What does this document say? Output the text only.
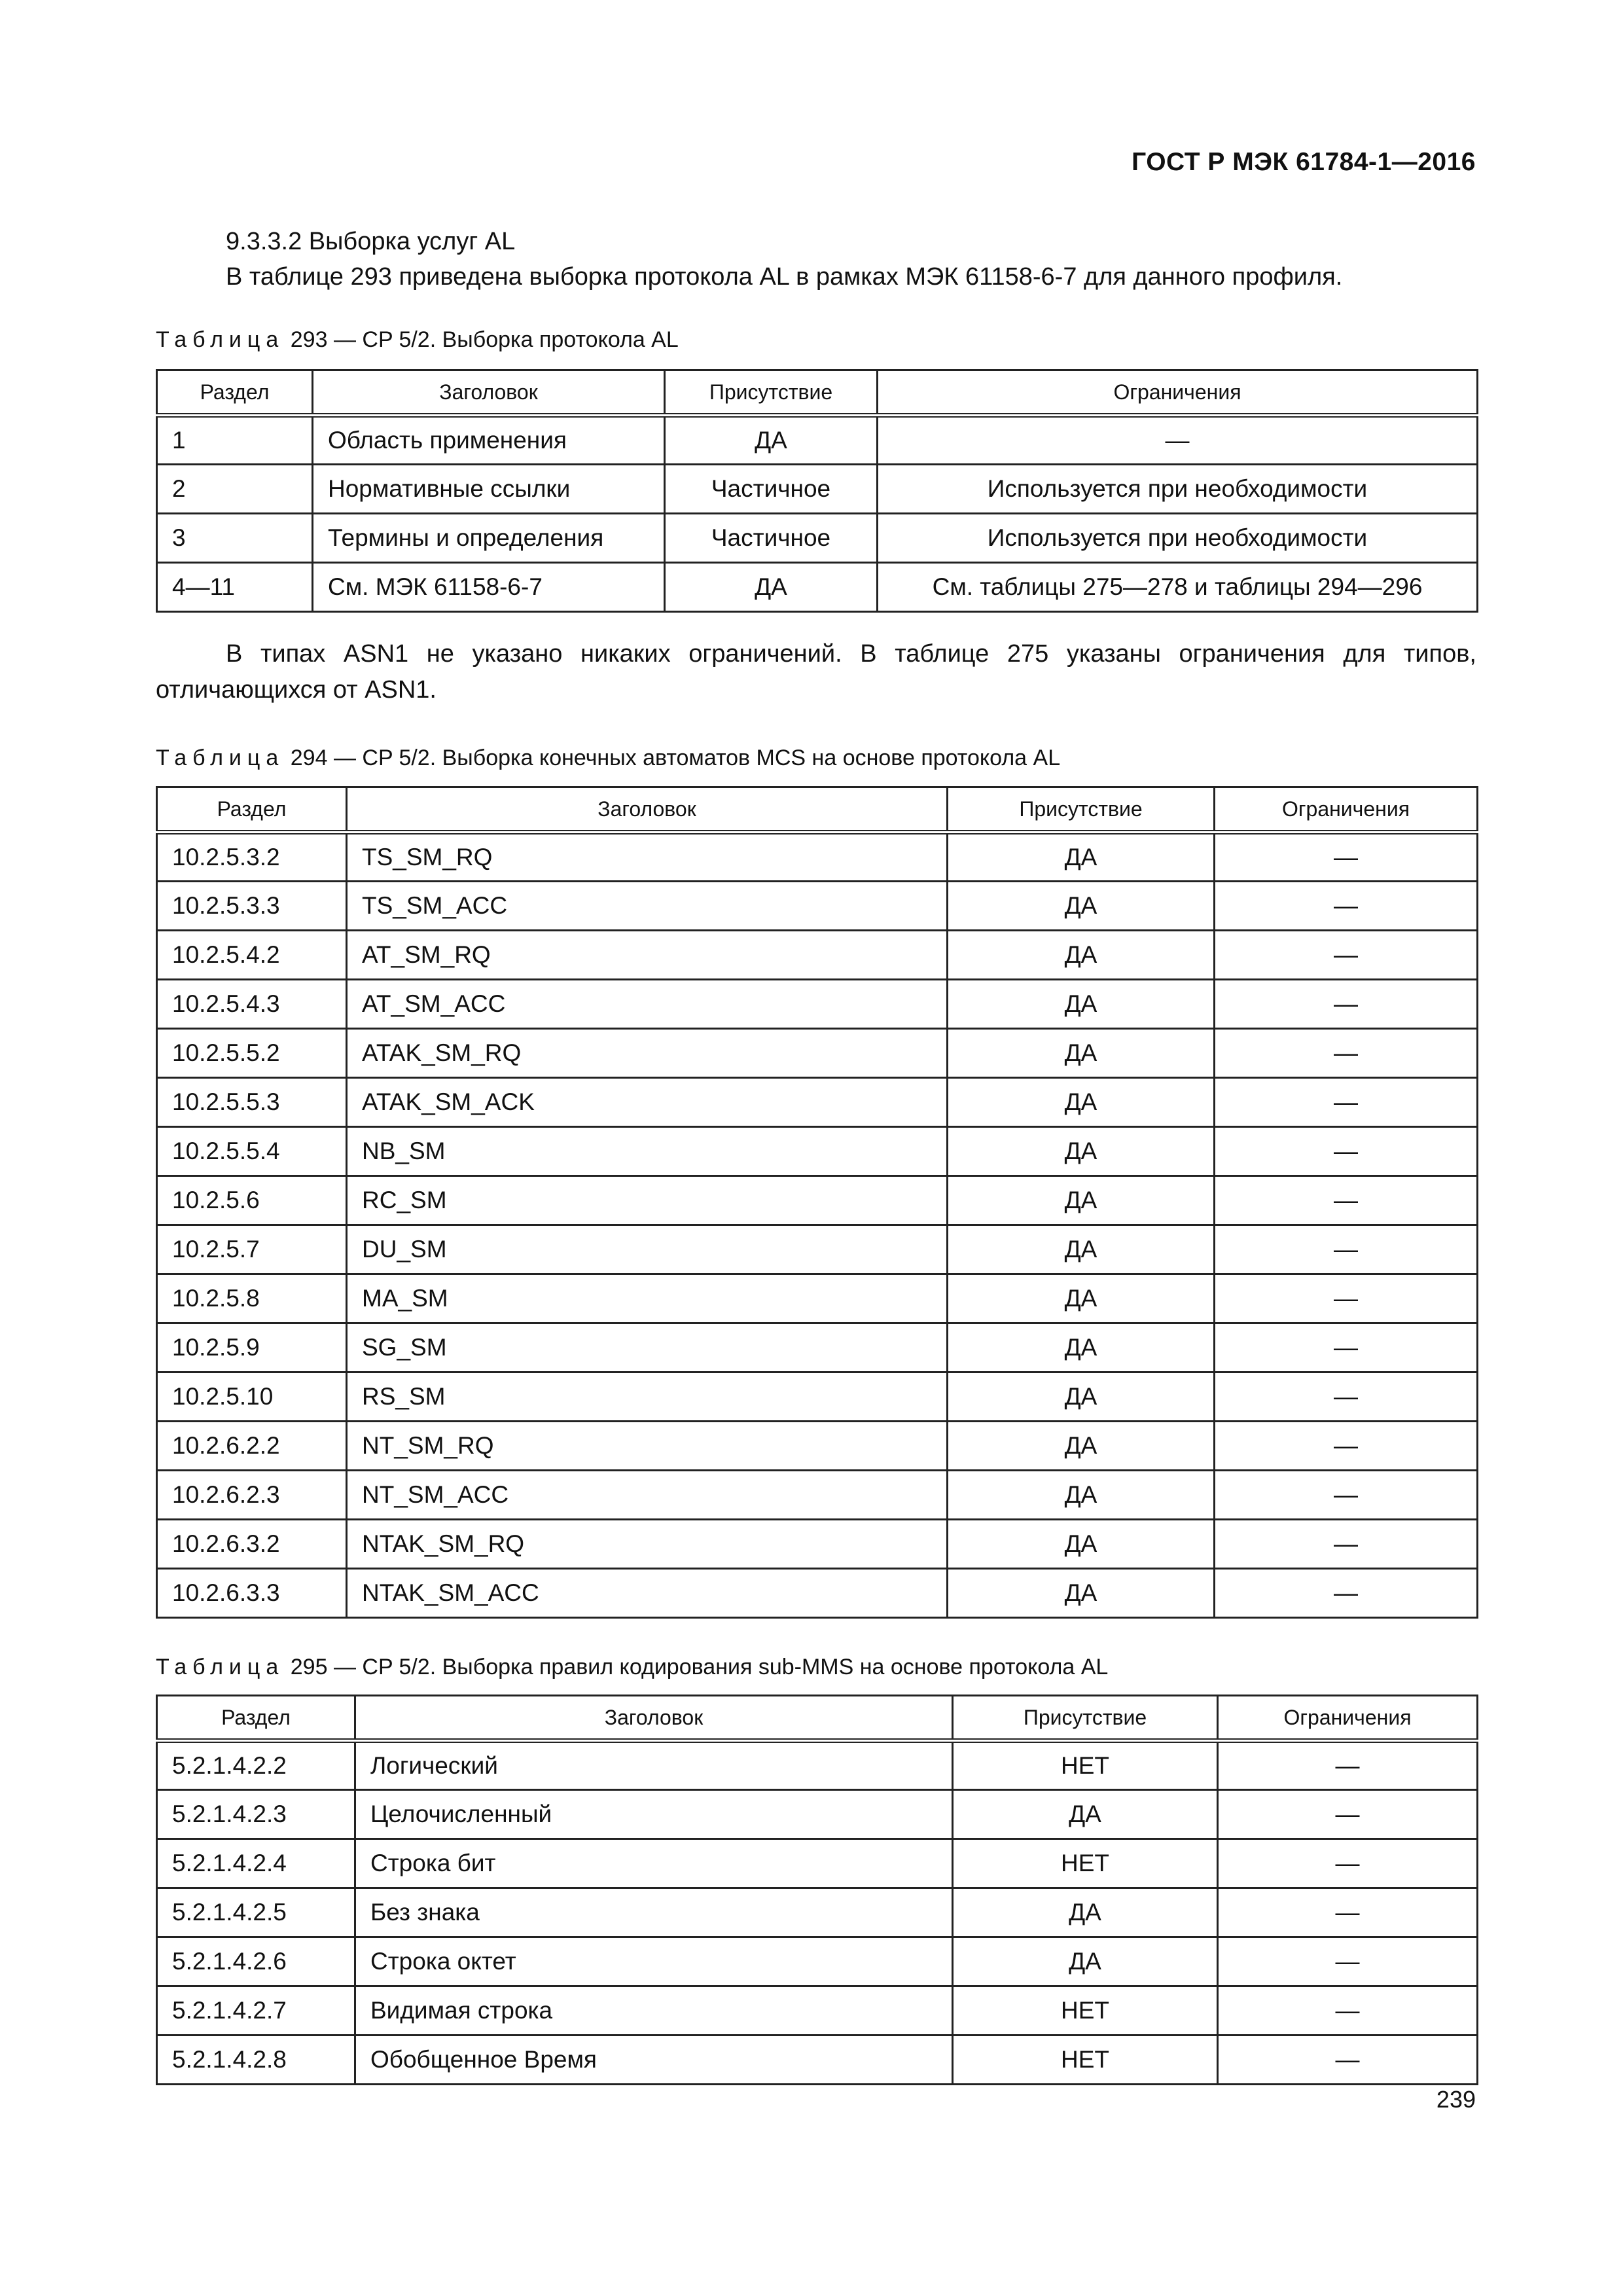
ГОСТ Р МЭК 61784-1—2016
9.3.3.2 Выборка услуг AL
В таблице 293 приведена выборка протокола AL в рамках МЭК 61158-6-7 для данного профиля.
Таблица 293 — CP 5/2. Выборка протокола AL
Раздел	Заголовок	Присутствие	Ограничения
1	Область применения	ДА	—
2	Нормативные ссылки	Частичное	Используется при необходимости
3	Термины и определения	Частичное	Используется при необходимости
4—11	См. МЭК 61158-6-7	ДА	См. таблицы 275—278 и таблицы 294—296
В типах ASN1 не указано никаких ограничений. В таблице 275 указаны ограничения для типов, отличающихся от ASN1.
Таблица 294 — CP 5/2. Выборка конечных автоматов MCS на основе протокола AL
Раздел	Заголовок	Присутствие	Ограничения
10.2.5.3.2	TS_SM_RQ	ДА	—
10.2.5.3.3	TS_SM_ACC	ДА	—
10.2.5.4.2	AT_SM_RQ	ДА	—
10.2.5.4.3	AT_SM_ACC	ДА	—
10.2.5.5.2	ATAK_SM_RQ	ДА	—
10.2.5.5.3	ATAK_SM_ACK	ДА	—
10.2.5.5.4	NB_SM	ДА	—
10.2.5.6	RC_SM	ДА	—
10.2.5.7	DU_SM	ДА	—
10.2.5.8	MA_SM	ДА	—
10.2.5.9	SG_SM	ДА	—
10.2.5.10	RS_SM	ДА	—
10.2.6.2.2	NT_SM_RQ	ДА	—
10.2.6.2.3	NT_SM_ACC	ДА	—
10.2.6.3.2	NTAK_SM_RQ	ДА	—
10.2.6.3.3	NTAK_SM_ACC	ДА	—
Таблица 295 — CP 5/2. Выборка правил кодирования sub-MMS на основе протокола AL
Раздел	Заголовок	Присутствие	Ограничения
5.2.1.4.2.2	Логический	НЕТ	—
5.2.1.4.2.3	Целочисленный	ДА	—
5.2.1.4.2.4	Строка бит	НЕТ	—
5.2.1.4.2.5	Без знака	ДА	—
5.2.1.4.2.6	Строка октет	ДА	—
5.2.1.4.2.7	Видимая строка	НЕТ	—
5.2.1.4.2.8	Обобщенное Время	НЕТ	—
239
